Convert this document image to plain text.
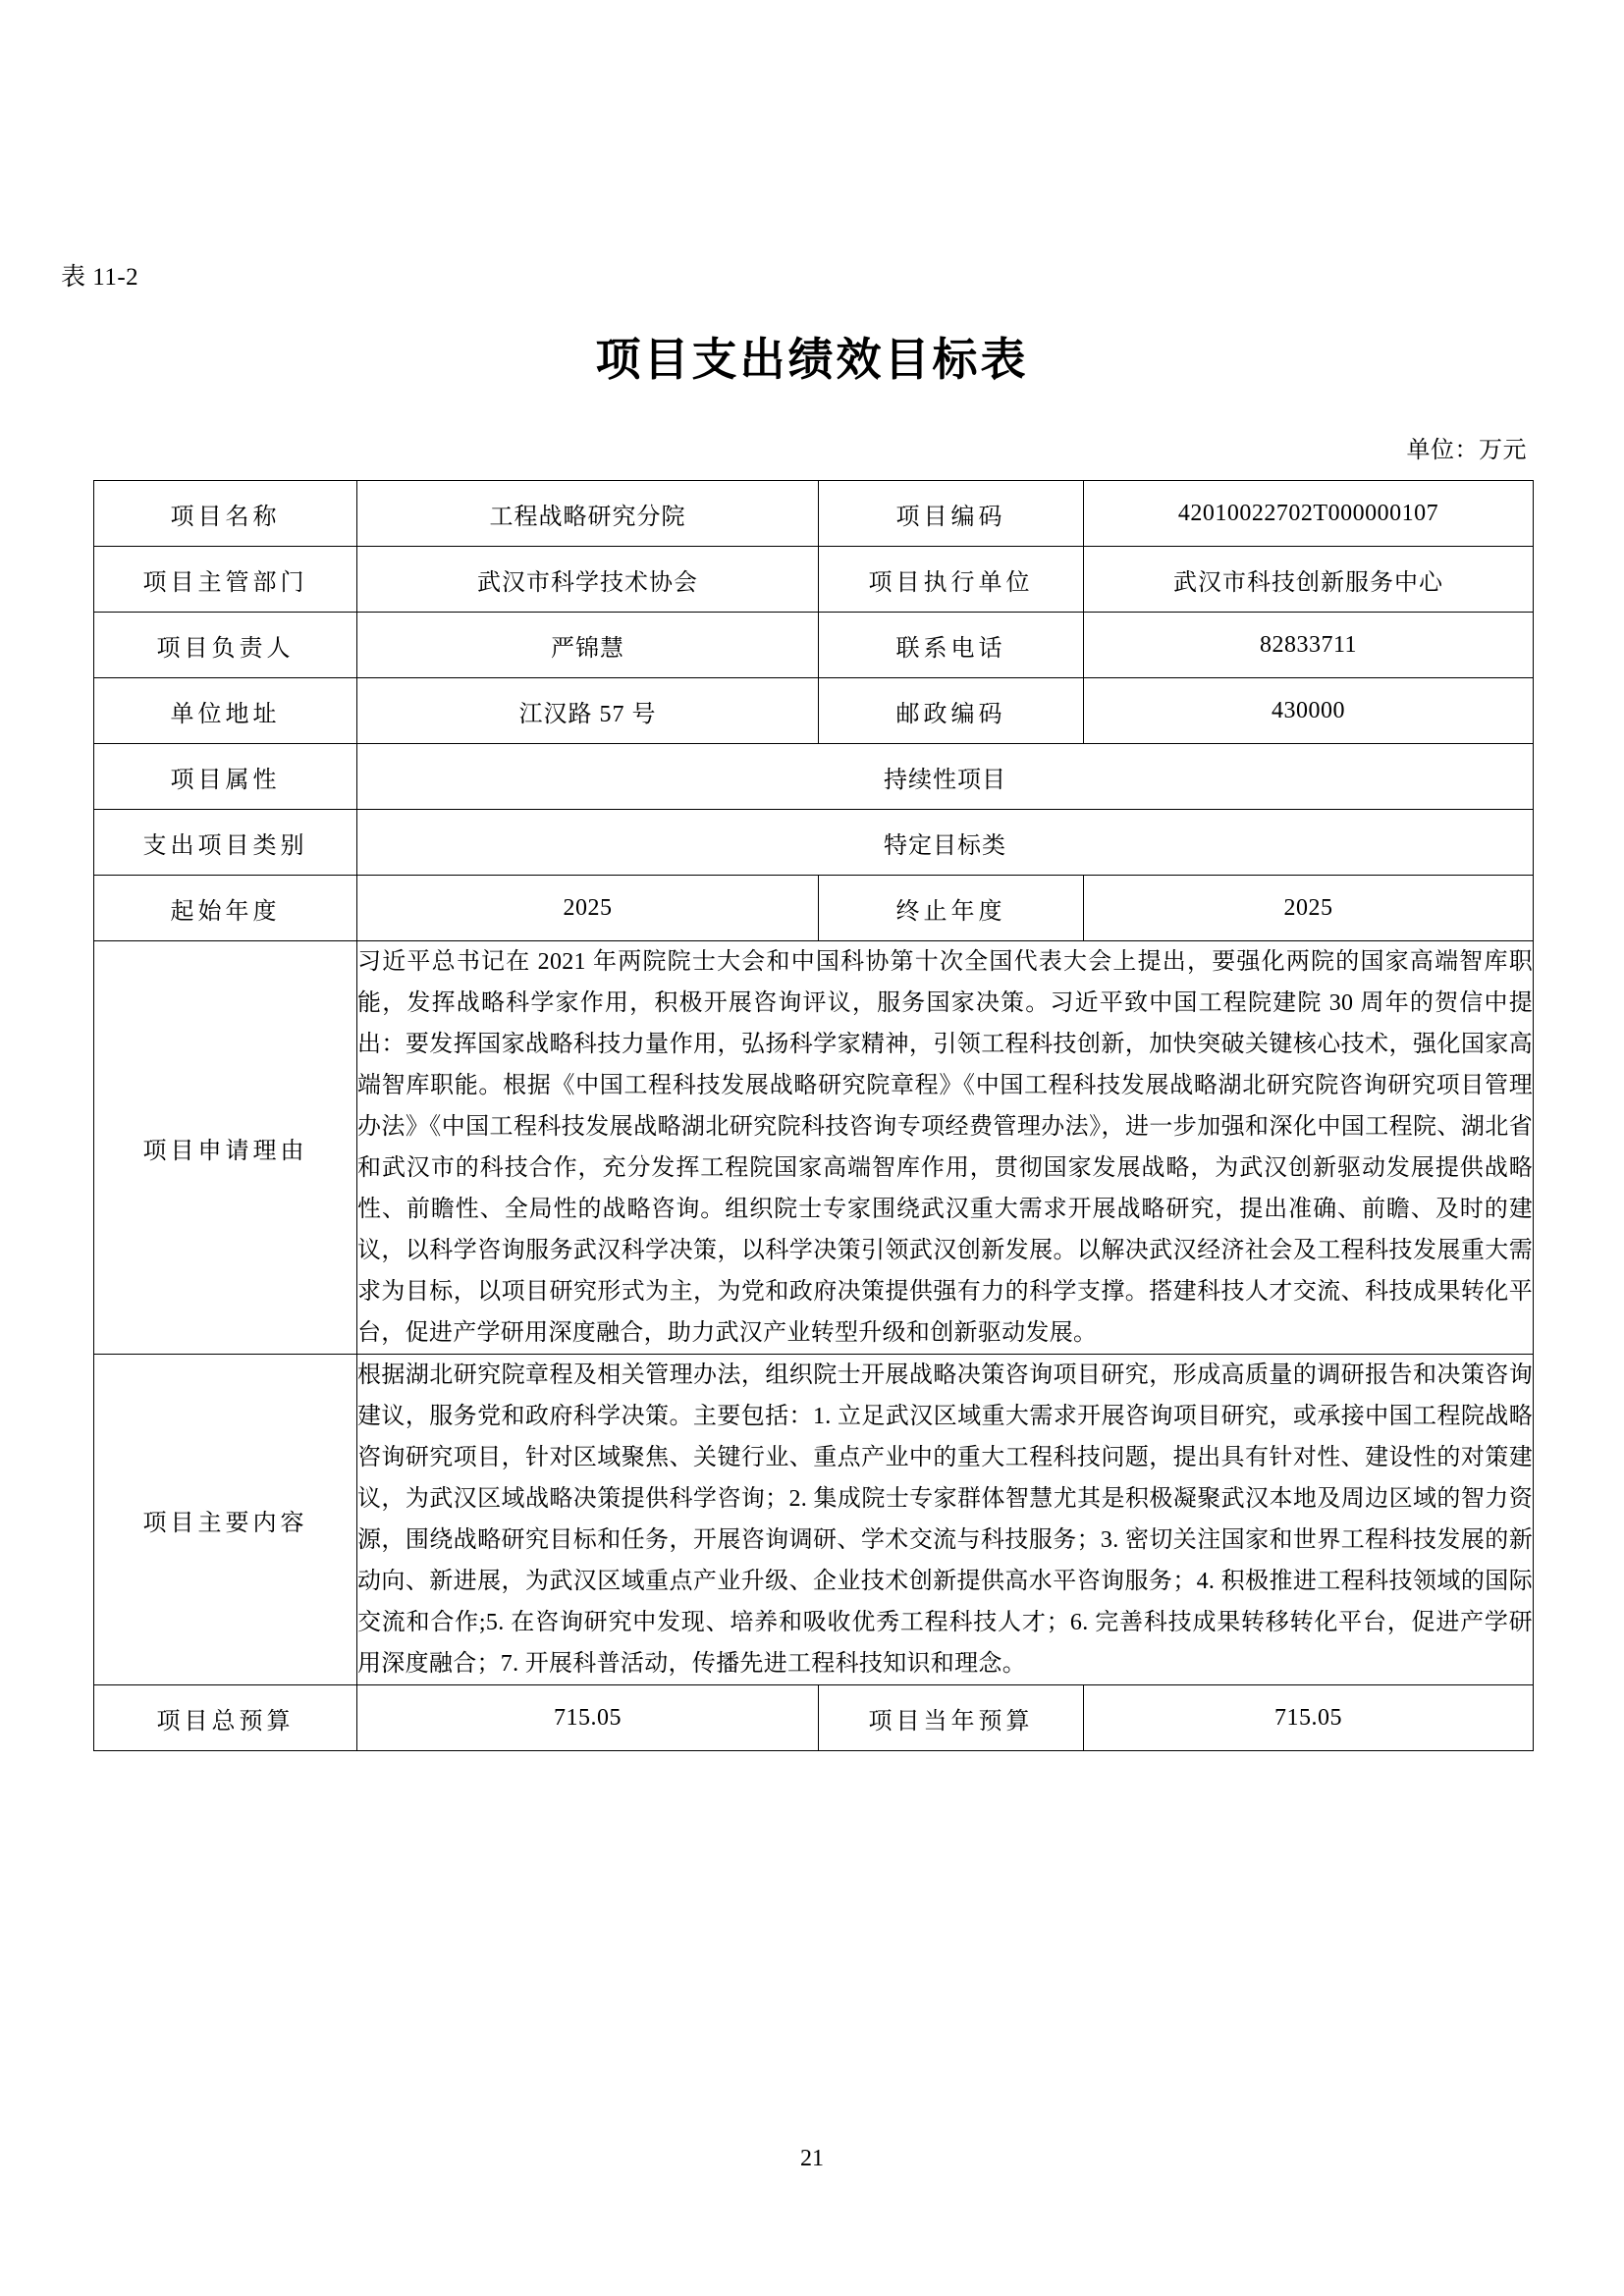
表 11-2
项目支出绩效目标表
单位：万元
项目名称	工程战略研究分院	项目编码	42010022702T000000107
项目主管部门	武汉市科学技术协会	项目执行单位	武汉市科技创新服务中心
项目负责人	严锦慧	联系电话	82833711
单位地址	江汉路 57 号	邮政编码	430000
项目属性	持续性项目		
支出项目类别	特定目标类		
起始年度	2025	终止年度	2025
项目申请理由	习近平总书记在 2021 年两院院士大会和中国科协第十次全国代表大会上提出，要强化两院的国家高端智库职能，发挥战略科学家作用，积极开展咨询评议，服务国家决策。习近平致中国工程院建院 30 周年的贺信中提出：要发挥国家战略科技力量作用，弘扬科学家精神，引领工程科技创新，加快突破关键核心技术，强化国家高端智库职能。根据《中国工程科技发展战略研究院章程》《中国工程科技发展战略湖北研究院咨询研究项目管理办法》《中国工程科技发展战略湖北研究院科技咨询专项经费管理办法》，进一步加强和深化中国工程院、湖北省和武汉市的科技合作，充分发挥工程院国家高端智库作用，贯彻国家发展战略，为武汉创新驱动发展提供战略性、前瞻性、全局性的战略咨询。组织院士专家围绕武汉重大需求开展战略研究，提出准确、前瞻、及时的建议，以科学咨询服务武汉科学决策，以科学决策引领武汉创新发展。以解决武汉经济社会及工程科技发展重大需求为目标，以项目研究形式为主，为党和政府决策提供强有力的科学支撑。搭建科技人才交流、科技成果转化平台，促进产学研用深度融合，助力武汉产业转型升级和创新驱动发展。		
项目主要内容	根据湖北研究院章程及相关管理办法，组织院士开展战略决策咨询项目研究，形成高质量的调研报告和决策咨询建议，服务党和政府科学决策。主要包括：1. 立足武汉区域重大需求开展咨询项目研究，或承接中国工程院战略咨询研究项目，针对区域聚焦、关键行业、重点产业中的重大工程科技问题，提出具有针对性、建设性的对策建议，为武汉区域战略决策提供科学咨询；2. 集成院士专家群体智慧尤其是积极凝聚武汉本地及周边区域的智力资源，围绕战略研究目标和任务，开展咨询调研、学术交流与科技服务；3. 密切关注国家和世界工程科技发展的新动向、新进展，为武汉区域重点产业升级、企业技术创新提供高水平咨询服务；4. 积极推进工程科技领域的国际交流和合作;5. 在咨询研究中发现、培养和吸收优秀工程科技人才；6. 完善科技成果转移转化平台，促进产学研用深度融合；7. 开展科普活动，传播先进工程科技知识和理念。		
项目总预算	715.05	项目当年预算	715.05
21
